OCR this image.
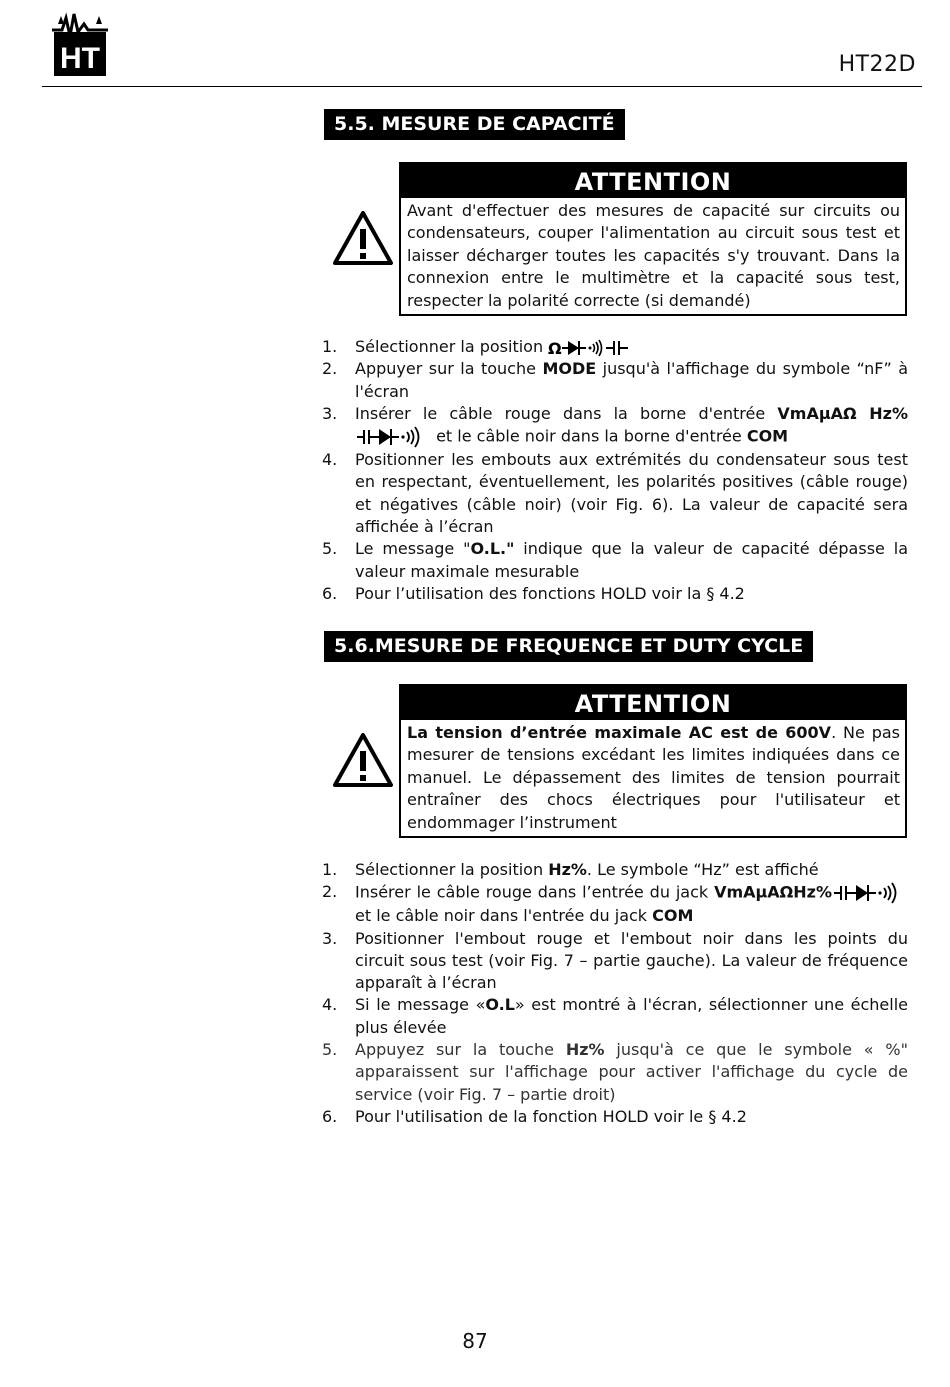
HT	HT22D
5.5. MESURE DE CAPACITÉ
ATTENTION

Avant d'effectuer des mesures de capacité sur circuits ou condensateurs, couper l'alimentation au circuit sous test et laisser décharger toutes les capacités s'y trouvant. Dans la connexion entre le multimètre et la capacité sous test, respecter la polarité correcte (si demandé)

1. Sélectionner la position Ω
2. Appuyer sur la touche MODE jusqu'à l'affichage du symbole “nF” à l'écran
3. Insérer le câble rouge dans la borne d'entrée VmAµAΩ Hz% et le câble noir dans la borne d'entrée COM
4. Positionner les embouts aux extrémités du condensateur sous test en respectant, éventuellement, les polarités positives (câble rouge) et négatives (câble noir) (voir Fig. 6). La valeur de capacité sera affichée à l’écran
5. Le message "O.L." indique que la valeur de capacité dépasse la valeur maximale mesurable
6. Pour l’utilisation des fonctions HOLD voir la § 4.2
5.6.MESURE DE FREQUENCE ET DUTY CYCLE
ATTENTION

La tension d’entrée maximale AC est de 600V. Ne pas mesurer de tensions excédant les limites indiquées dans ce manuel. Le dépassement des limites de tension pourrait entraîner des chocs électriques pour l'utilisateur et endommager l’instrument

1. Sélectionner la position Hz%. Le symbole “Hz” est affiché
2. Insérer le câble rouge dans l’entrée du jack VmAµAΩHz% et le câble noir dans l'entrée du jack COM
3. Positionner l'embout rouge et l'embout noir dans les points du circuit sous test (voir Fig. 7 – partie gauche). La valeur de fréquence apparaît à l’écran
4. Si le message «O.L» est montré à l'écran, sélectionner une échelle plus élevée
5. Appuyez sur la touche Hz% jusqu'à ce que le symbole « %" apparaissent sur l'affichage pour activer l'affichage du cycle de service (voir Fig. 7 – partie droit)
6. Pour l'utilisation de la fonction HOLD voir le § 4.2
87
